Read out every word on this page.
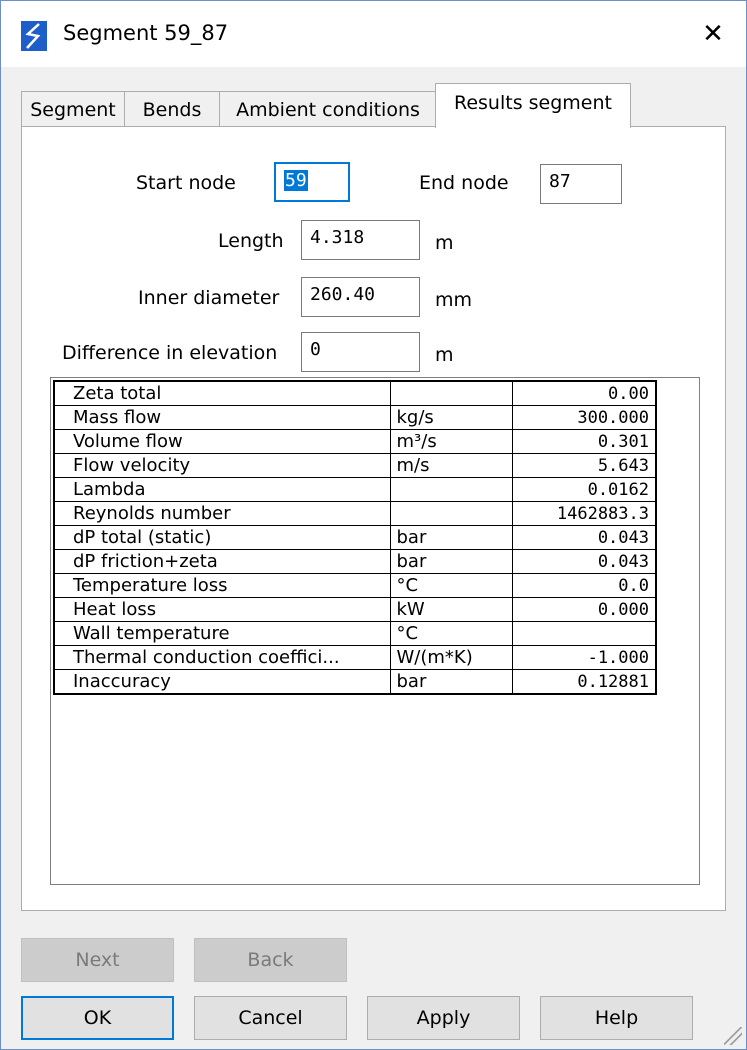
Segment 59_87	✕
Segment	Bends	Ambient conditions	Results segment
Start node	59	End node	87
Length	4.318	m
Inner diameter	260.40	mm
Difference in elevation	0	m
Zeta total		0.00
Mass flow	kg/s	300.000
Volume flow	m³/s	0.301
Flow velocity	m/s	5.643
Lambda		0.0162
Reynolds number		1462883.3
dP total (static)	bar	0.043
dP friction+zeta	bar	0.043
Temperature loss	°C	0.0
Heat loss	kW	0.000
Wall temperature	°C	
Thermal conduction coeffici...	W/(m*K)	-1.000
Inaccuracy	bar	0.12881
Next	Back
OK	Cancel	Apply	Help
